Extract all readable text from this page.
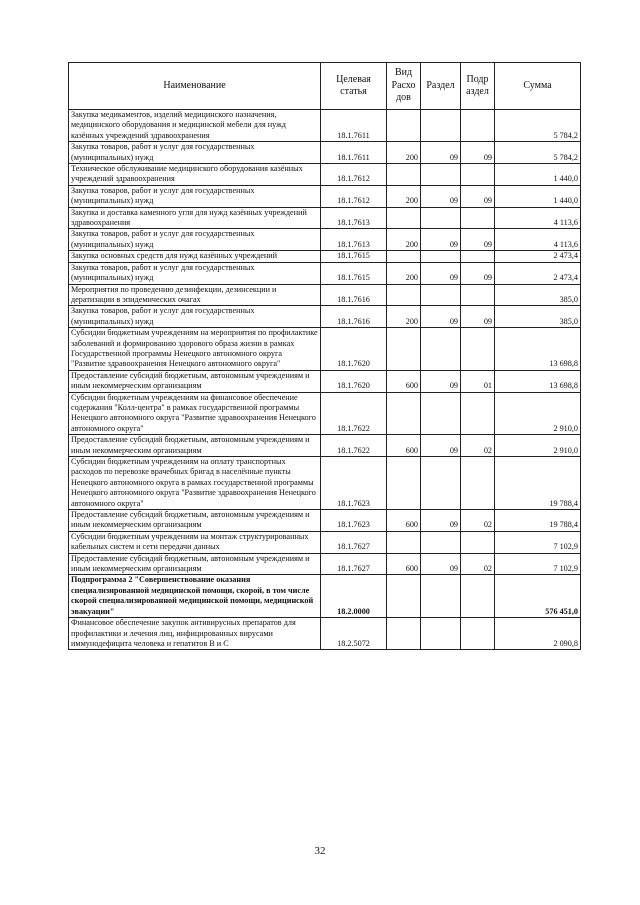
Наименование	Целевая статья	Вид Расхо дов	Раздел	Подр аздел	Сумма
Закупка медикаментов, изделий медицинского назначения, медицинского оборудования и медицинской мебели для нужд казённых учреждений здравоохранения	18.1.7611				5 784,2
Закупка товаров, работ и услуг для государственных (муниципальных) нужд	18.1.7611	200	09	09	5 784,2
Техническое обслуживание медицинского оборудования казённых учреждений здравоохранения	18.1.7612				1 440,0
Закупка товаров, работ и услуг для государственных (муниципальных) нужд	18.1.7612	200	09	09	1 440,0
Закупка и доставка каменного угля для нужд казённых учреждений здравоохранения	18.1.7613				4 113,6
Закупка товаров, работ и услуг для государственных (муниципальных) нужд	18.1.7613	200	09	09	4 113,6
Закупка основных средств для нужд казённых учреждений	18.1.7615				2 473,4
Закупка товаров, работ и услуг для государственных (муниципальных) нужд	18.1.7615	200	09	09	2 473,4
Мероприятия по проведению дезинфекции, дезинсекции и дератизации в эпидемических очагах	18.1.7616				385,0
Закупка товаров, работ и услуг для государственных (муниципальных) нужд	18.1.7616	200	09	09	385,0
Субсидии бюджетным учреждениям на мероприятия по профилактике заболеваний и формированию здорового образа жизни в рамках Государственной программы Ненецкого автономного округа "Развитие здравоохранения Ненецкого автономного округа"	18.1.7620				13 698,8
Предоставление субсидий бюджетным, автономным учреждениям и иным некоммерческим организациям	18.1.7620	600	09	01	13 698,8
Субсидии бюджетным учреждениям на финансовое обеспечение содержания "Колл-центра" в рамках государственной программы Ненецкого автономного округа "Развитие здравоохранения Ненецкого автономного округа"	18.1.7622				2 910,0
Предоставление субсидий бюджетным, автономным учреждениям и иным некоммерческим организациям	18.1.7622	600	09	02	2 910,0
Субсидии бюджетным учреждениям на оплату транспортных расходов по перевозке врачебных бригад в населённые пункты Ненецкого автономного округа в рамках государственной программы Ненецкого автономного округа "Развитие здравоохранения Ненецкого автономного округа"	18.1.7623				19 788,4
Предоставление субсидий бюджетным, автономным учреждениям и иным некоммерческим организациям	18.1.7623	600	09	02	19 788,4
Субсидии бюджетным учреждениям на монтаж структурированных кабельных систем и сети передачи данных	18.1.7627				7 102,9
Предоставление субсидий бюджетным, автономным учреждениям и иным некоммерческим организациям	18.1.7627	600	09	02	7 102,9
Подпрограмма 2 "Совершенствование оказания специализированной медицинской помощи, скорой, в том числе скорой специализированной медицинской помощи, медицинской эвакуации"	18.2.0000				576 451,0
Финансовое обеспечение закупок антивирусных препаратов для профилактики и лечения лиц, инфицированных вирусами иммунодефицита человека и гепатитов В и С	18.2.5072				2 090,8
32
